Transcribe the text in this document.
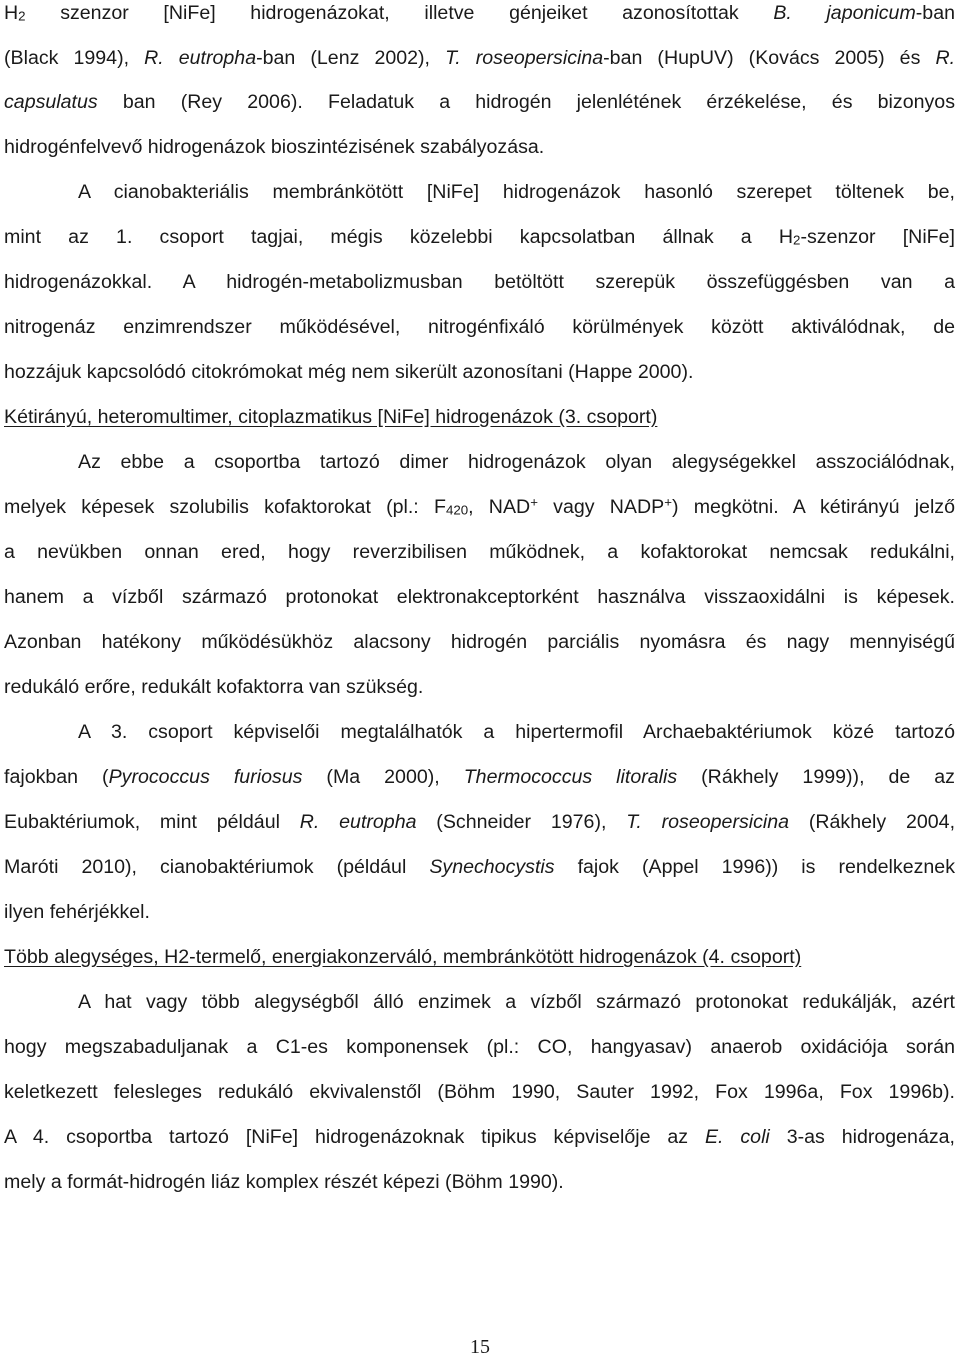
$H_2$ szenzor [NiFe] hidrogenázokat, illetve génjeiket azonosítottak B. japonicum-ban
(Black 1994), R. eutropha-ban (Lenz 2002), T. roseopersicina-ban (HupUV) (Kovács 2005) és R.
capsulatus ban (Rey 2006). Feladatuk a hidrogén jelenlétének érzékelése, és bizonyos
hidrogénfelvevő hidrogenázok bioszintézisének szabályozása.
A cianobakteriális membránkötött [NiFe] hidrogenázok hasonló szerepet töltenek be,
mint az 1. csoport tagjai, mégis közelebbi kapcsolatban állnak a $H_2$-szenzor [NiFe]
hidrogenázokkal. A hidrogén-metabolizmusban betöltött szerepük összefüggésben van a
nitrogenáz enzimrendszer működésével, nitrogénfixáló körülmények között aktiválódnak, de
hozzájuk kapcsolódó citokrómokat még nem sikerült azonosítani (Happe 2000).
Kétirányú, heteromultimer, citoplazmatikus [NiFe] hidrogenázok (3. csoport)
Az ebbe a csoportba tartozó dimer hidrogenázok olyan alegységekkel asszociálódnak,
melyek képesek szolubilis kofaktorokat (pl.: $F_{420}$, NAD+ vagy NADP+) megkötni. A kétirányú jelző
a nevükben onnan ered, hogy reverzibilisen működnek, a kofaktorokat nemcsak redukálni,
hanem a vízből származó protonokat elektronakceptorként használva visszaoxidálni is képesek.
Azonban hatékony működésükhöz alacsony hidrogén parciális nyomásra és nagy mennyiségű
redukáló erőre, redukált kofaktorra van szükség.
A 3. csoport képviselői megtalálhatók a hipertermofil Archaebaktériumok közé tartozó
fajokban (Pyrococcus furiosus (Ma 2000), Thermococcus litoralis (Rákhely 1999)), de az
Eubaktériumok, mint például R. eutropha (Schneider 1976), T. roseopersicina (Rákhely 2004,
Maróti 2010), cianobaktériumok (például Synechocystis fajok (Appel 1996)) is rendelkeznek
ilyen fehérjékkel.
Több alegységes, H2-termelő, energiakonzerváló, membránkötött hidrogenázok (4. csoport)
A hat vagy több alegységből álló enzimek a vízből származó protonokat redukálják, azért
hogy megszabaduljanak a C1-es komponensek (pl.: CO, hangyasav) anaerob oxidációja során
keletkezett felesleges redukáló ekvivalenstől (Böhm 1990, Sauter 1992, Fox 1996a, Fox 1996b).
A 4. csoportba tartozó [NiFe] hidrogenázoknak tipikus képviselője az E. coli 3-as hidrogenáza,
mely a formát-hidrogén liáz komplex részét képezi (Böhm 1990).
15
